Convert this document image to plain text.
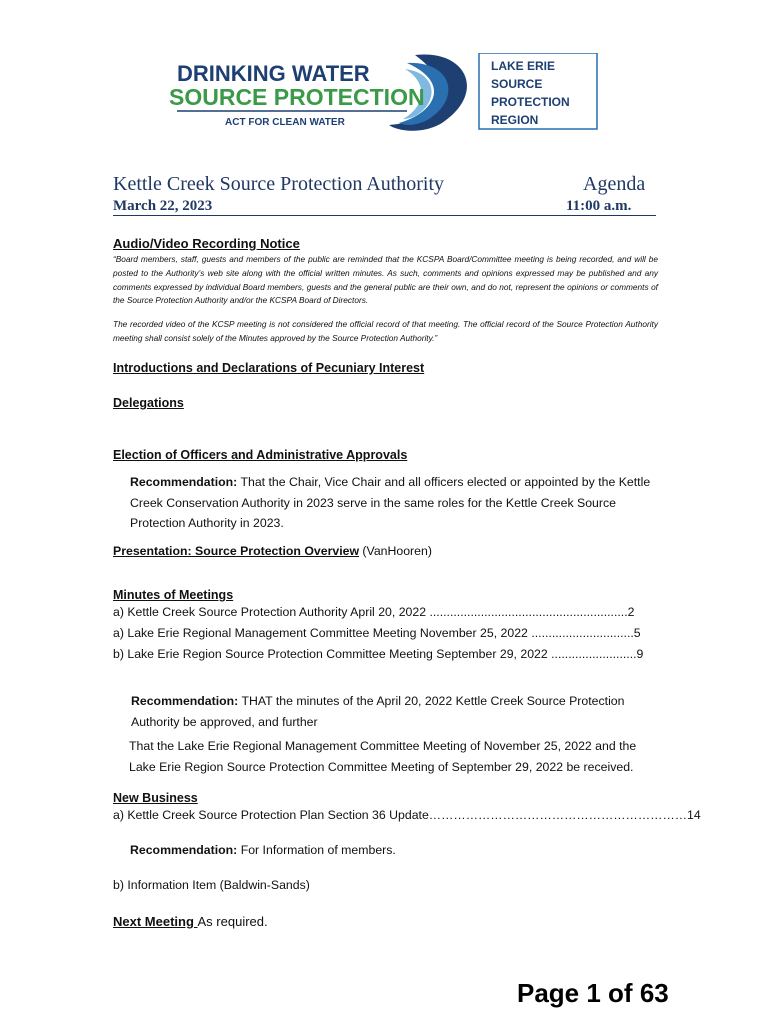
DRINKING WATER
SOURCE PROTECTION
ACT FOR CLEAN WATER
LAKE ERIE
SOURCE
PROTECTION
REGION
Kettle Creek Source Protection Authority	Agenda
March 22, 2023	11:00 a.m.
Audio/Video Recording Notice
“Board members, staff, guests and members of the public are reminded that the KCSPA Board/Committee meeting is being recorded, and will be posted to the Authority’s web site along with the official written minutes. As such, comments and opinions expressed may be published and any comments expressed by individual Board members, guests and the general public are their own, and do not, represent the opinions or comments of the Source Protection Authority and/or the KCSPA Board of Directors.
The recorded video of the KCSP meeting is not considered the official record of that meeting. The official record of the Source Protection Authority meeting shall consist solely of the Minutes approved by the Source Protection Authority.”
Introductions and Declarations of Pecuniary Interest
Delegations
Election of Officers and Administrative Approvals
Recommendation: That the Chair, Vice Chair and all officers elected or appointed by the Kettle Creek Conservation Authority in 2023 serve in the same roles for the Kettle Creek Source Protection Authority in 2023.
Presentation: Source Protection Overview (VanHooren)
Minutes of Meetings
a) Kettle Creek Source Protection Authority April 20, 2022 ..........................................................2
a) Lake Erie Regional Management Committee Meeting November 25, 2022 ..............................5
b) Lake Erie Region Source Protection Committee Meeting September 29, 2022 .........................9
Recommendation: THAT the minutes of the April 20, 2022 Kettle Creek Source Protection Authority be approved, and further
That the Lake Erie Regional Management Committee Meeting of November 25, 2022 and the Lake Erie Region Source Protection Committee Meeting of September 29, 2022 be received.
New Business
a) Kettle Creek Source Protection Plan Section 36 Update………………………………………………………14
Recommendation: For Information of members.
b) Information Item (Baldwin-Sands)
Next Meeting As required.
Page 1 of 63
